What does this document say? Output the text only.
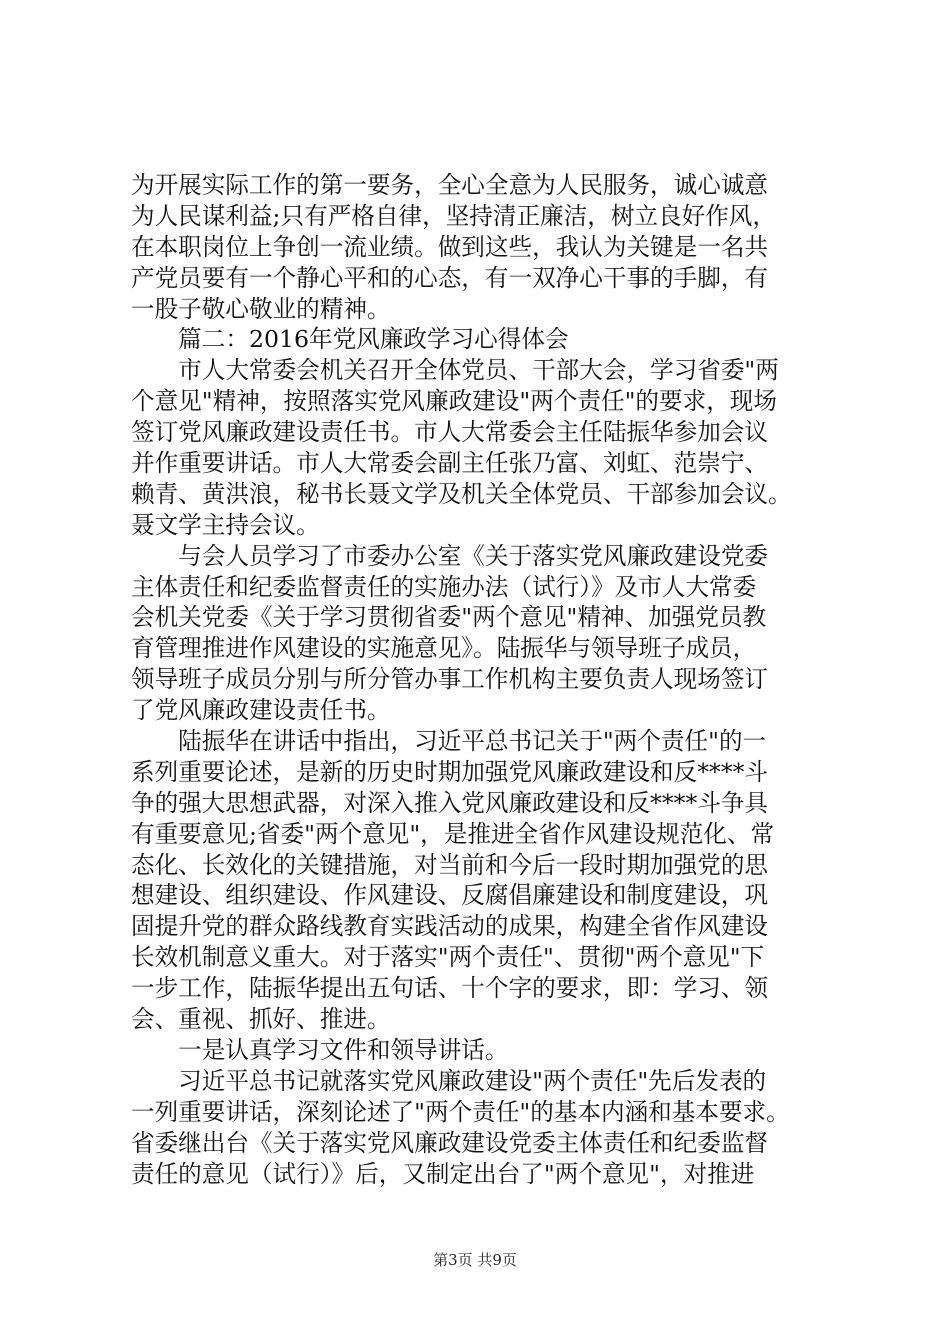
为开展实际工作的第一要务，全心全意为人民服务，诚心诚意
为人民谋利益;只有严格自律，坚持清正廉洁，树立良好作风，
在本职岗位上争创一流业绩。做到这些，我认为关键是一名共
产党员要有一个静心平和的心态，有一双净心干事的手脚，有
一股子敬心敬业的精神。
　　篇二：2016年党风廉政学习心得体会
　　市人大常委会机关召开全体党员、干部大会，学习省委"两
个意见"精神，按照落实党风廉政建设"两个责任"的要求，现场
签订党风廉政建设责任书。市人大常委会主任陆振华参加会议
并作重要讲话。市人大常委会副主任张乃富、刘虹、范崇宁、
赖青、黄洪浪，秘书长聂文学及机关全体党员、干部参加会议。
聂文学主持会议。
　　与会人员学习了市委办公室《关于落实党风廉政建设党委
主体责任和纪委监督责任的实施办法（试行）》及市人大常委
会机关党委《关于学习贯彻省委"两个意见"精神、加强党员教
育管理推进作风建设的实施意见》。陆振华与领导班子成员，
领导班子成员分别与所分管办事工作机构主要负责人现场签订
了党风廉政建设责任书。
　　陆振华在讲话中指出，习近平总书记关于"两个责任"的一
系列重要论述，是新的历史时期加强党风廉政建设和反****斗
争的强大思想武器，对深入推入党风廉政建设和反****斗争具
有重要意见;省委"两个意见"，是推进全省作风建设规范化、常
态化、长效化的关键措施，对当前和今后一段时期加强党的思
想建设、组织建设、作风建设、反腐倡廉建设和制度建设，巩
固提升党的群众路线教育实践活动的成果，构建全省作风建设
长效机制意义重大。对于落实"两个责任"、贯彻"两个意见"下
一步工作，陆振华提出五句话、十个字的要求，即：学习、领
会、重视、抓好、推进。
　　一是认真学习文件和领导讲话。
　　习近平总书记就落实党风廉政建设"两个责任"先后发表的
一列重要讲话，深刻论述了"两个责任"的基本内涵和基本要求。
省委继出台《关于落实党风廉政建设党委主体责任和纪委监督
责任的意见（试行）》后，又制定出台了"两个意见"，对推进
第3页 共9页
